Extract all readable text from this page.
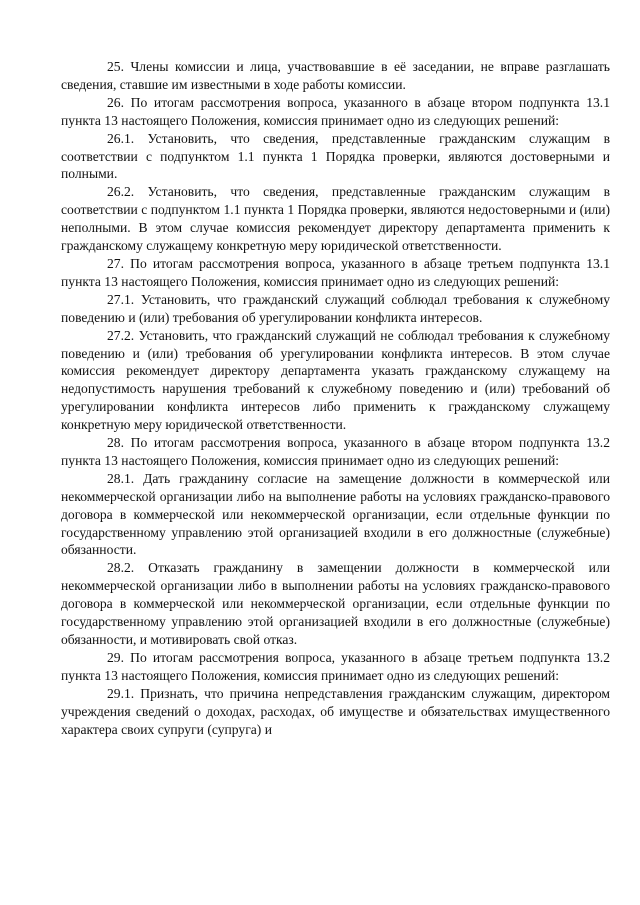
25. Члены комиссии и лица, участвовавшие в её заседании, не вправе разглашать сведения, ставшие им известными в ходе работы комиссии.

26. По итогам рассмотрения вопроса, указанного в абзаце втором подпункта 13.1 пункта 13 настоящего Положения, комиссия принимает одно из следующих решений:

26.1. Установить, что сведения, представленные гражданским служащим в соответствии с подпунктом 1.1 пункта 1 Порядка проверки, являются достоверными и полными.

26.2. Установить, что сведения, представленные гражданским служащим в соответствии с подпунктом 1.1 пункта 1 Порядка проверки, являются недостоверными и (или) неполными. В этом случае комиссия рекомендует директору департамента применить к гражданскому служащему конкретную меру юридической ответственности.

27. По итогам рассмотрения вопроса, указанного в абзаце третьем подпункта 13.1 пункта 13 настоящего Положения, комиссия принимает одно из следующих решений:

27.1. Установить, что гражданский служащий соблюдал требования к служебному поведению и (или) требования об урегулировании конфликта интересов.

27.2. Установить, что гражданский служащий не соблюдал требования к служебному поведению и (или) требования об урегулировании конфликта интересов. В этом случае комиссия рекомендует директору департамента указать гражданскому служащему на недопустимость нарушения требований к служебному поведению и (или) требований об урегулировании конфликта интересов либо применить к гражданскому служащему конкретную меру юридической ответственности.

28. По итогам рассмотрения вопроса, указанного в абзаце втором подпункта 13.2 пункта 13 настоящего Положения, комиссия принимает одно из следующих решений:

28.1. Дать гражданину согласие на замещение должности в коммерческой или некоммерческой организации либо на выполнение работы на условиях гражданско-правового договора в коммерческой или некоммерческой организации, если отдельные функции по государственному управлению этой организацией входили в его должностные (служебные) обязанности.

28.2. Отказать гражданину в замещении должности в коммерческой или некоммерческой организации либо в выполнении работы на условиях гражданско-правового договора в коммерческой или некоммерческой организации, если отдельные функции по государственному управлению этой организацией входили в его должностные (служебные) обязанности, и мотивировать свой отказ.

29. По итогам рассмотрения вопроса, указанного в абзаце третьем подпункта 13.2 пункта 13 настоящего Положения, комиссия принимает одно из следующих решений:

29.1. Признать, что причина непредставления гражданским служащим, директором учреждения сведений о доходах, расходах, об имуществе и обязательствах имущественного характера своих супруги (супруга) и
